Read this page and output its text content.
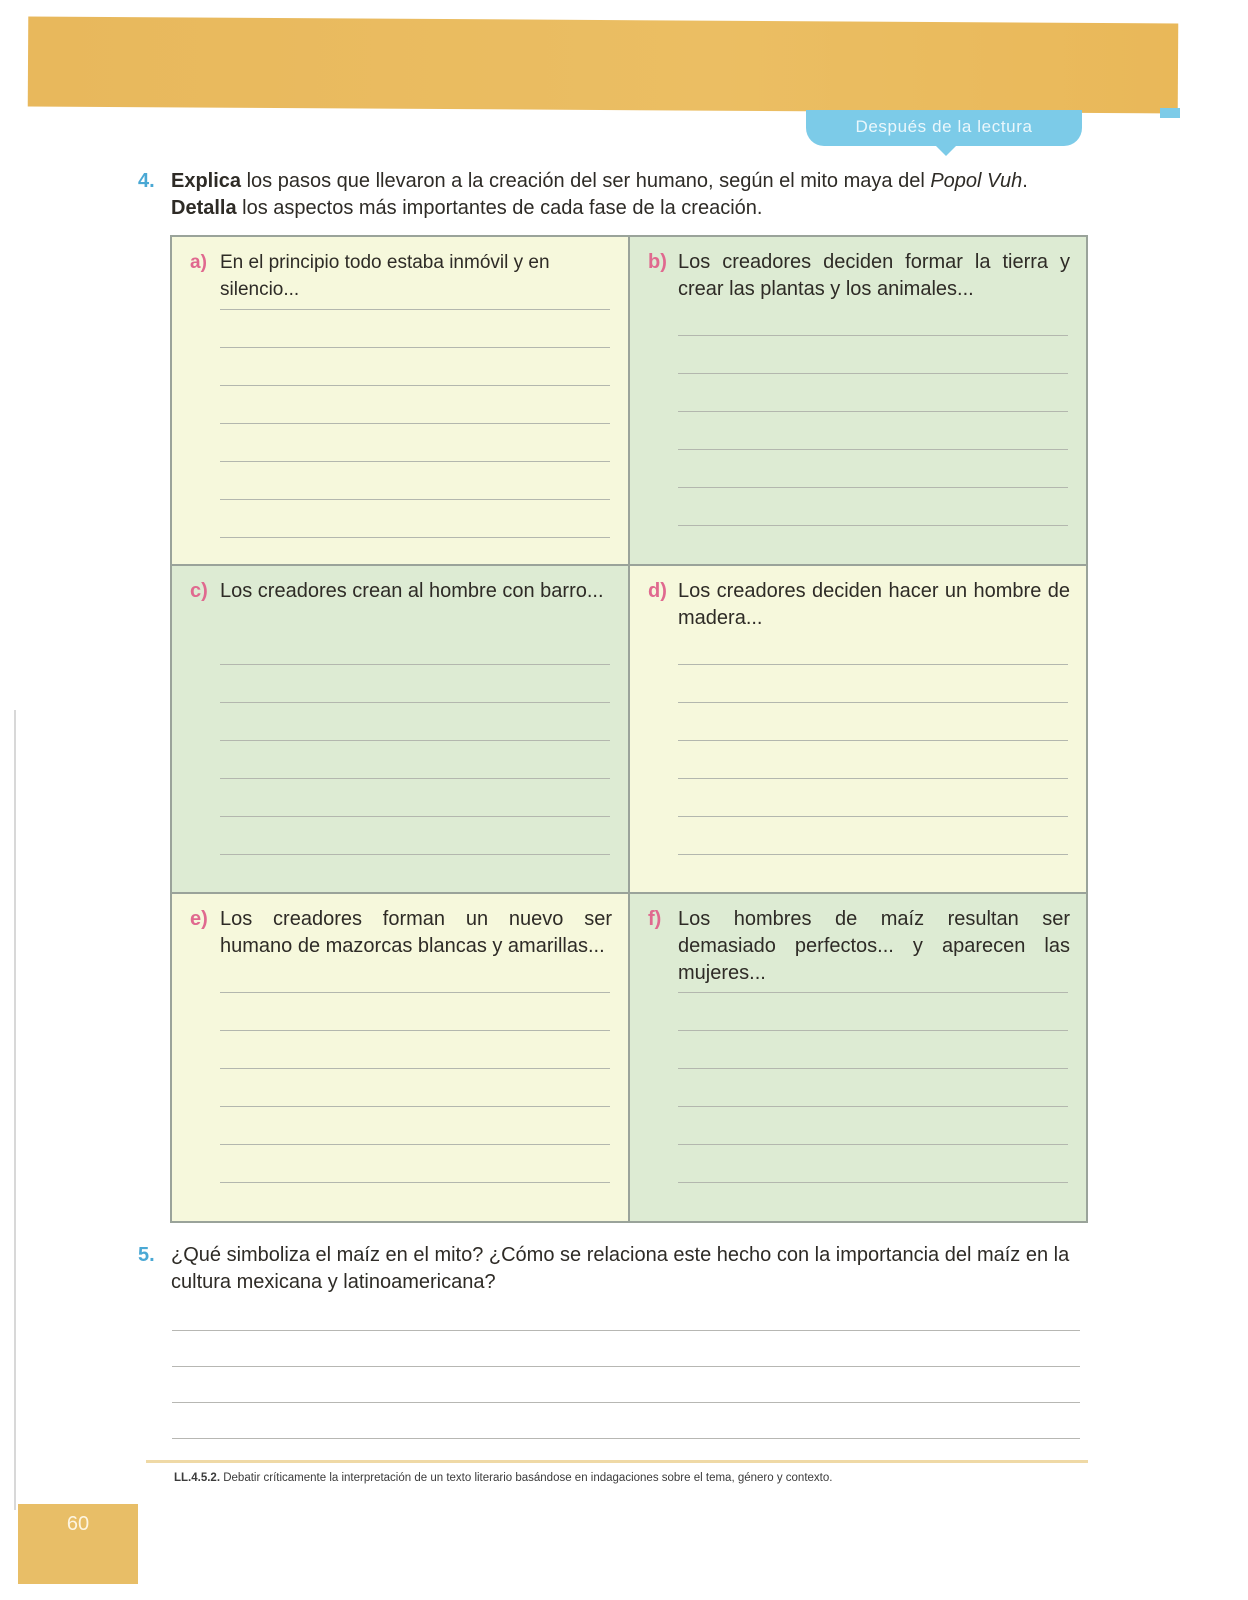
Después de la lectura
4. Explica los pasos que llevaron a la creación del ser humano, según el mito maya del Popol Vuh. Detalla los aspectos más importantes de cada fase de la creación.
a) En el principio todo estaba inmóvil y en silencio...
b) Los creadores deciden formar la tierra y crear las plantas y los animales...
c) Los creadores crean al hombre con barro...	d) Los creadores deciden hacer un hombre de madera...
e) Los creadores forman un nuevo ser humano de mazorcas blancas y amarillas...
f) Los hombres de maíz resultan ser demasiado perfectos... y aparecen las mujeres...
5. ¿Qué simboliza el maíz en el mito? ¿Cómo se relaciona este hecho con la importancia del maíz en la cultura mexicana y latinoamericana?
LL.4.5.2. Debatir críticamente la interpretación de un texto literario basándose en indagaciones sobre el tema, género y contexto.
60
